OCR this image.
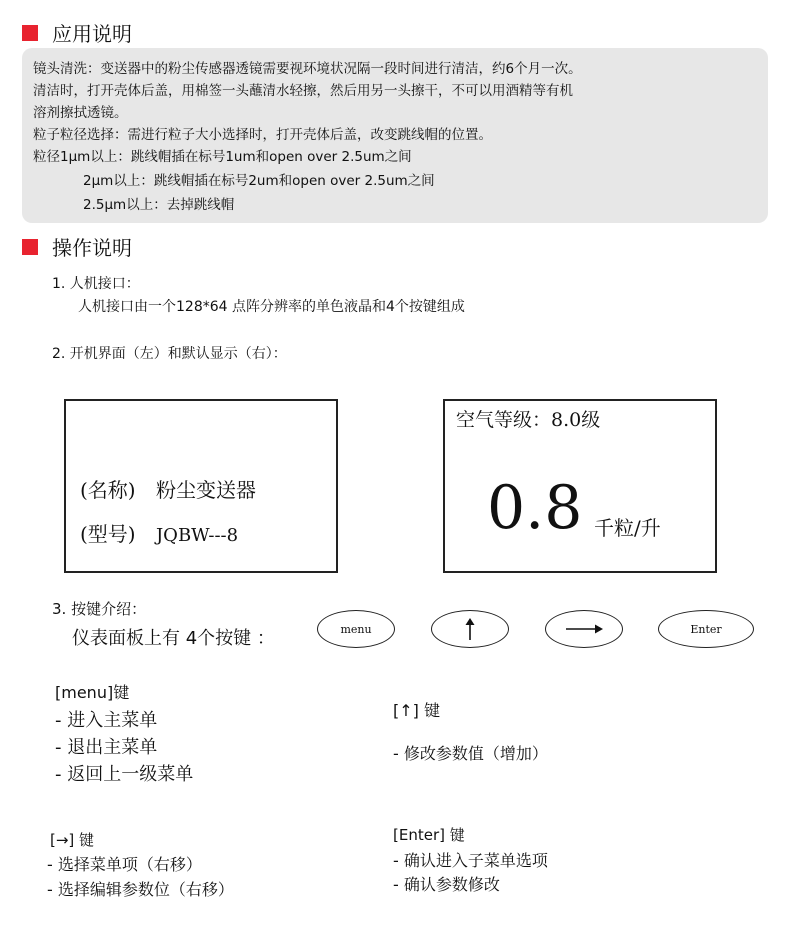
应用说明
镜头清洗：变送器中的粉尘传感器透镜需要视环境状况隔一段时间进行清洁，约6个月一次。
清洁时，打开壳体后盖，用棉签一头蘸清水轻擦，然后用另一头擦干，不可以用酒精等有机
溶剂擦拭透镜。
粒子粒径选择：需进行粒子大小选择时，打开壳体后盖，改变跳线帽的位置。
粒径1μm以上：跳线帽插在标号1um和open over 2.5um之间
2μm以上：跳线帽插在标号2um和open over 2.5um之间
2.5μm以上：去掉跳线帽
操作说明
1. 人机接口：
人机接口由一个128*64 点阵分辨率的单色液晶和4个按键组成
2. 开机界面（左）和默认显示（右）：
(名称) 粉尘变送器
(型号) JQBW---8
空气等级：8.0级
0.8 千粒/升
3. 按键介绍：
仪表面板上有 4个按键 ：	menu	Enter
[menu]键
- 进入主菜单
- 退出主菜单
- 返回上一级菜单
[↑] 键
- 修改参数值（增加）
[→] 键
- 选择菜单项（右移）
- 选择编辑参数位（右移）
[Enter] 键
- 确认进入子菜单选项
- 确认参数修改
